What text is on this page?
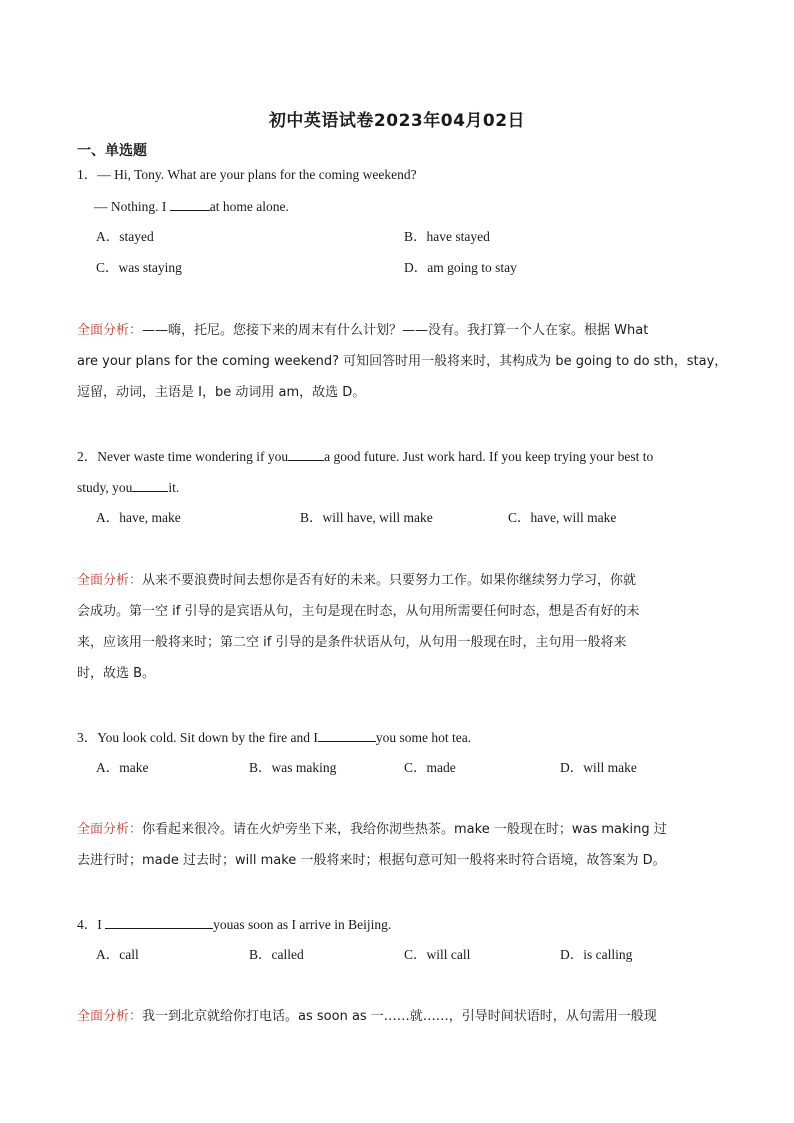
初中英语试卷2023年04月02日
一、单选题
1．— Hi, Tony. What are your plans for the coming weekend?
— Nothing. I	at home alone.
A．stayed	B．have stayed
C．was staying	D．am going to stay
全面分析：——嗨，托尼。您接下来的周末有什么计划？——没有。我打算一个人在家。根据 What
are your plans for the coming weekend? 可知回答时用一般将来时，其构成为 be going to do sth，stay，
逗留，动词，主语是 I，be 动词用 am，故选 D。
2．Never waste time wondering if you	a good future. Just work hard. If you keep trying your best to
study, you	it.
A．have, make	B．will have, will make	C．have, will make
全面分析：从来不要浪费时间去想你是否有好的未来。只要努力工作。如果你继续努力学习，你就
会成功。第一空 if 引导的是宾语从句，主句是现在时态，从句用所需要任何时态，想是否有好的未
来，应该用一般将来时；第二空 if 引导的是条件状语从句，从句用一般现在时，主句用一般将来
时，故选 B。
3．You look cold. Sit down by the fire and I	you some hot tea.
A．make	B．was making	C．made	D．will make
全面分析：你看起来很冷。请在火炉旁坐下来，我给你沏些热茶。make 一般现在时；was making 过
去进行时；made 过去时；will make 一般将来时；根据句意可知一般将来时符合语境，故答案为 D。
4．I	youas soon as I arrive in Beijing.
A．call	B．called	C．will call	D．is calling
全面分析：我一到北京就给你打电话。as soon as 一……就……，引导时间状语时，从句需用一般现
